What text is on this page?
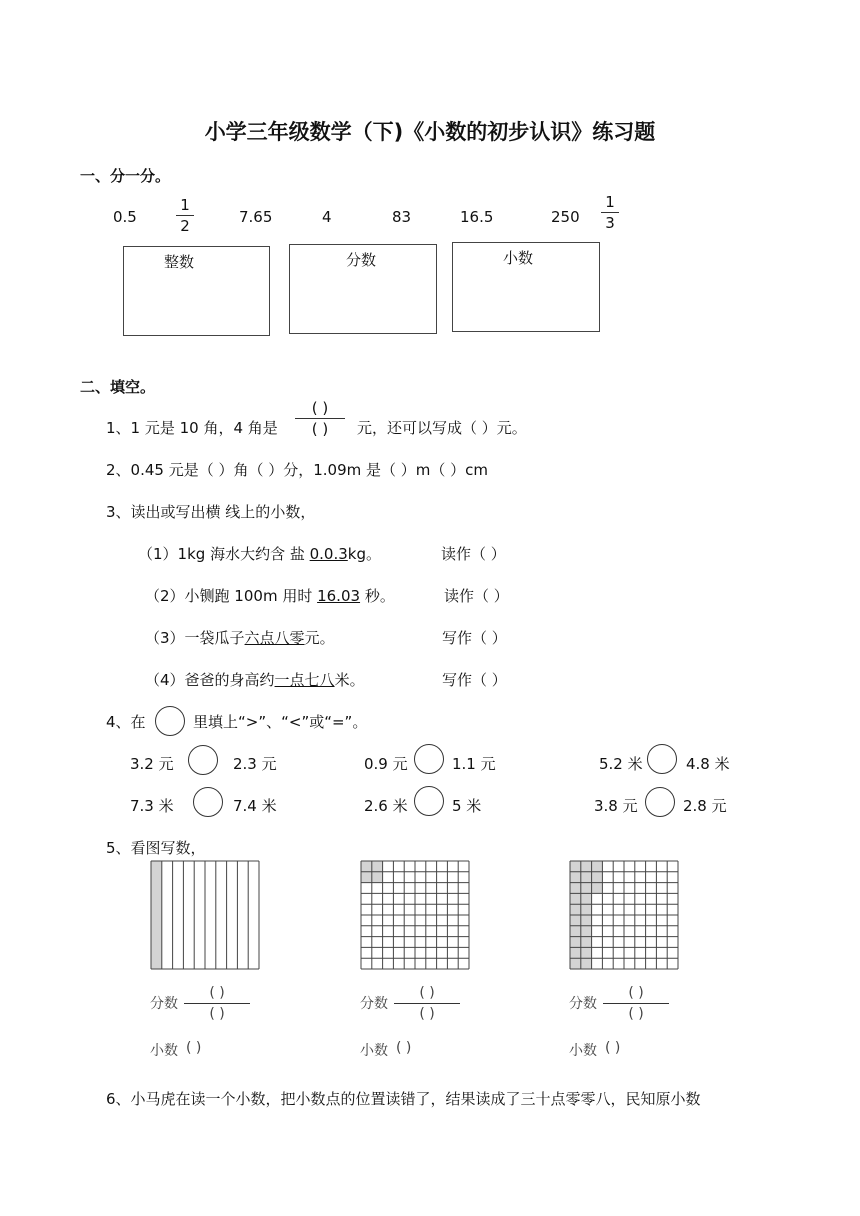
小学三年级数学（下)《小数的初步认识》练习题
一、分一分。
0.5
1
2	7.65	4	83	16.5	250
1
3
整数	分数	小数
二、填空。
1、1 元是 10 角，4 角是
( )
( )	元，还可以写成（ ）元。
2、0.45 元是（ ）角（ ）分，1.09m 是（ ）m（ ）cm
3、读出或写出横 线上的小数，
（1）1kg 海水大约含 盐 0.0.3kg。	读作（ ）
（2）小铡跑 100m 用时 16.03 秒。	读作（ ）
（3）一袋瓜子六点八零元。	写作（ ）
（4）爸爸的身高约一点七八米。	写作（ ）
4、在	里填上“>”、“<”或“=”。
3.2 元	2.3 元	0.9 元	1.1 元	5.2 米	4.8 米
7.3 米	7.4 米	2.6 米	5 米	3.8 元	2.8 元
5、看图写数，
分数
( )
( )
小数 ( )
分数
( )
( )
小数 ( )
分数
( )
( )
小数 ( )
6、小马虎在读一个小数，把小数点的位置读错了，结果读成了三十点零零八，民知原小数
